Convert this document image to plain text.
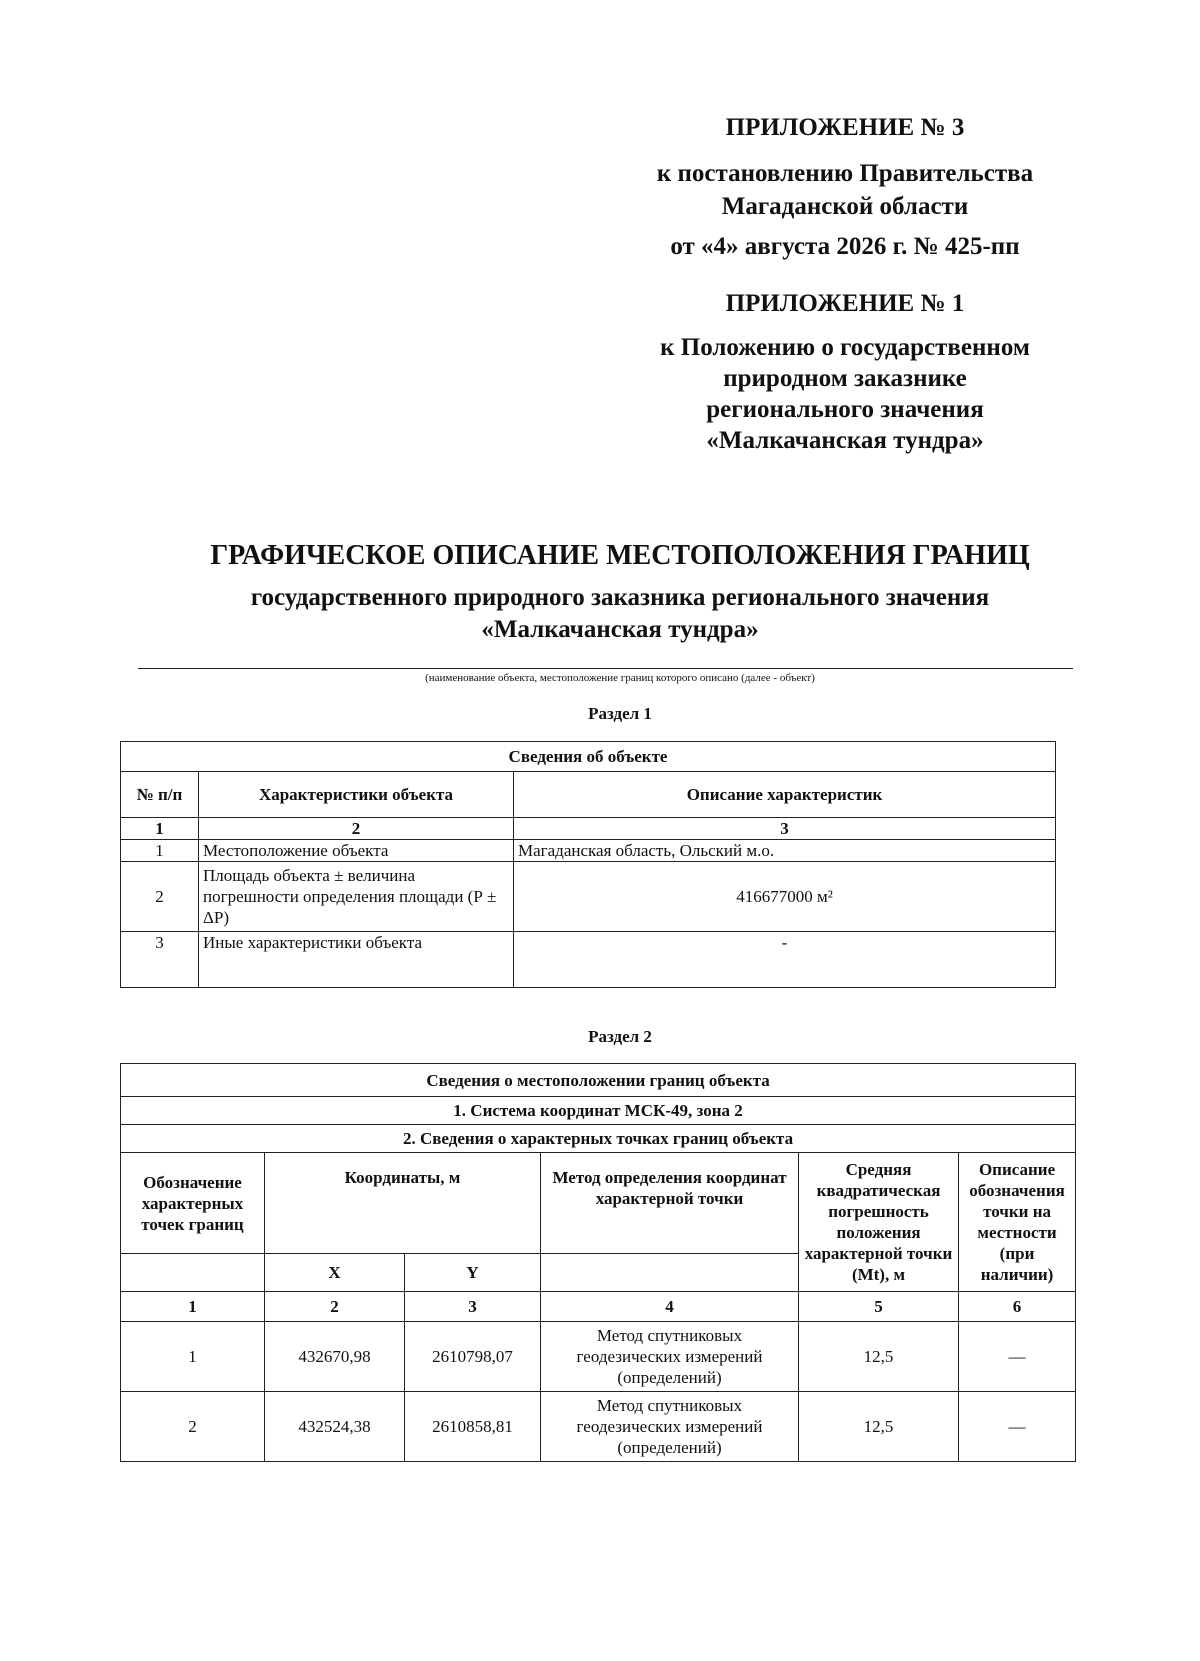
ПРИЛОЖЕНИЕ № 3
к постановлению Правительства
Магаданской области
от «4» августа 2026 г. № 425-пп
ПРИЛОЖЕНИЕ № 1
к Положению о государственном
природном заказнике
регионального значения
«Малкачанская тундра»
ГРАФИЧЕСКОЕ ОПИСАНИЕ МЕСТОПОЛОЖЕНИЯ ГРАНИЦ
государственного природного заказника регионального значения
«Малкачанская тундра»
(наименование объекта, местоположение границ которого описано (далее - объект)
Раздел 1
Сведения об объекте		
№ п/п	Характеристики объекта	Описание характеристик
1	2	3
1	Местоположение объекта	Магаданская область, Ольский м.о.
2	Площадь объекта ± величина погрешности определения площади (Р ± ΔР)	416677000 м²
3	Иные характеристики объекта	-
Раздел 2
Сведения о местоположении границ объекта					
1. Система координат МСК-49, зона 2					
2. Сведения о характерных точках границ объекта					
Обозначение характерных точек границ	Координаты, м		Метод определения координат характерной точки	Средняя квадратическая погрешность положения характерной точки (Mt), м	Описание обозначения точки на местности (при наличии)
	X	Y			
1	2	3	4	5	6
1	432670,98	2610798,07	Метод спутниковых геодезических измерений (определений)	12,5	—
2	432524,38	2610858,81	Метод спутниковых геодезических измерений (определений)	12,5	—
